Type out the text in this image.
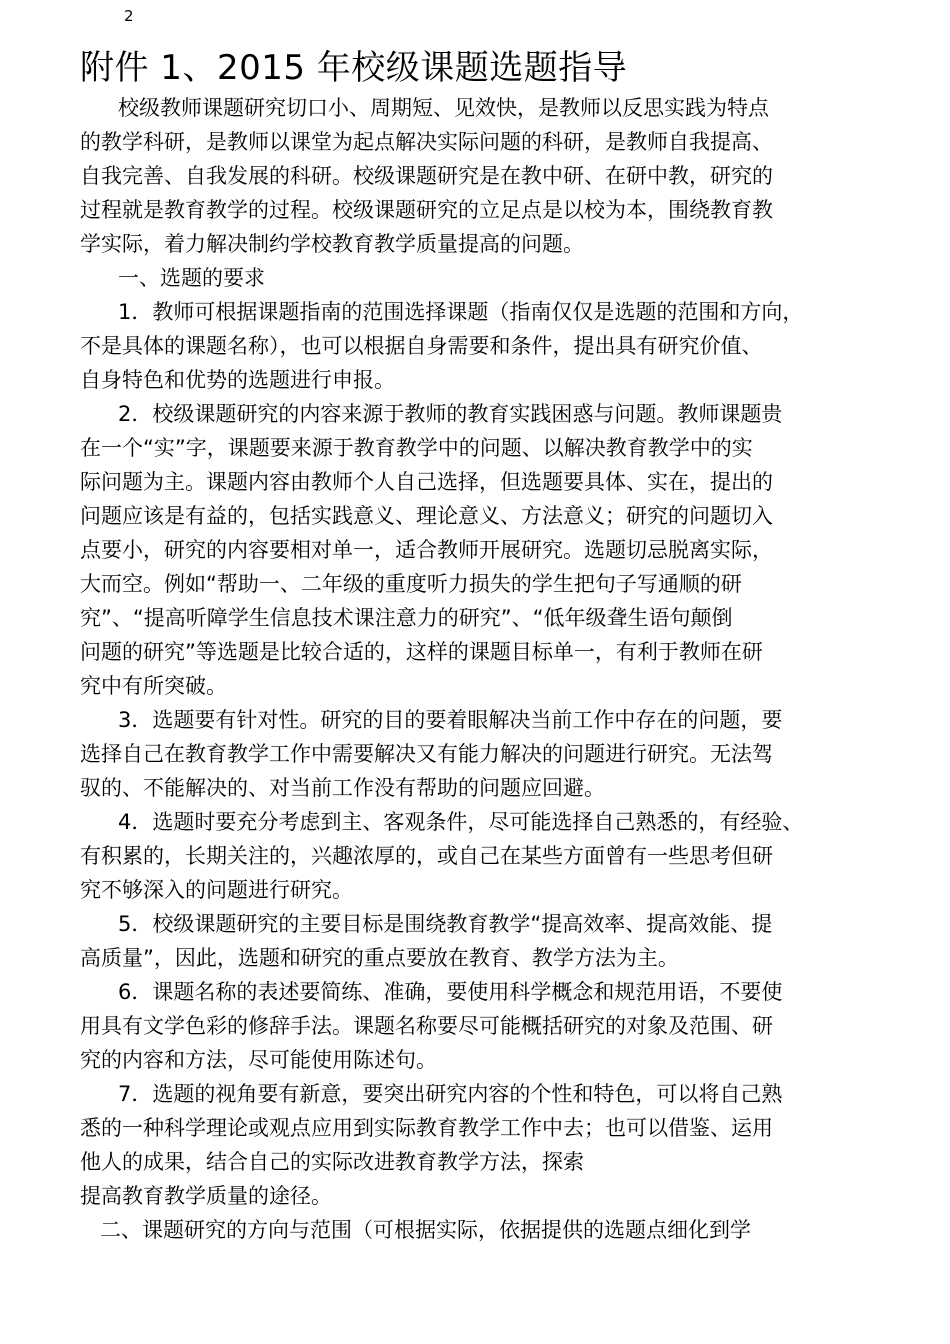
2
附件 1、2015 年校级课题选题指导
校级教师课题研究切口小、周期短、见效快，是教师以反思实践为特点
的教学科研，是教师以课堂为起点解决实际问题的科研，是教师自我提高、
自我完善、自我发展的科研。校级课题研究是在教中研、在研中教，研究的
过程就是教育教学的过程。校级课题研究的立足点是以校为本，围绕教育教
学实际，着力解决制约学校教育教学质量提高的问题。
一、选题的要求
1．教师可根据课题指南的范围选择课题（指南仅仅是选题的范围和方向，
不是具体的课题名称），也可以根据自身需要和条件，提出具有研究价值、
自身特色和优势的选题进行申报。
2．校级课题研究的内容来源于教师的教育实践困惑与问题。教师课题贵
在一个“实”字，课题要来源于教育教学中的问题、以解决教育教学中的实
际问题为主。课题内容由教师个人自己选择，但选题要具体、实在，提出的
问题应该是有益的，包括实践意义、理论意义、方法意义；研究的问题切入
点要小，研究的内容要相对单一，适合教师开展研究。选题切忌脱离实际，
大而空。例如“帮助一、二年级的重度听力损失的学生把句子写通顺的研
究”、“提高听障学生信息技术课注意力的研究”、“低年级聋生语句颠倒
问题的研究”等选题是比较合适的，这样的课题目标单一，有利于教师在研
究中有所突破。
3．选题要有针对性。研究的目的要着眼解决当前工作中存在的问题，要
选择自己在教育教学工作中需要解决又有能力解决的问题进行研究。无法驾
驭的、不能解决的、对当前工作没有帮助的问题应回避。
4．选题时要充分考虑到主、客观条件，尽可能选择自己熟悉的，有经验、
有积累的，长期关注的，兴趣浓厚的，或自己在某些方面曾有一些思考但研
究不够深入的问题进行研究。
5．校级课题研究的主要目标是围绕教育教学“提高效率、提高效能、提
高质量”，因此，选题和研究的重点要放在教育、教学方法为主。
6．课题名称的表述要简练、准确，要使用科学概念和规范用语，不要使
用具有文学色彩的修辞手法。课题名称要尽可能概括研究的对象及范围、研
究的内容和方法，尽可能使用陈述句。
7．选题的视角要有新意，要突出研究内容的个性和特色，可以将自己熟
悉的一种科学理论或观点应用到实际教育教学工作中去；也可以借鉴、运用
他人的成果，结合自己的实际改进教育教学方法，探索
提高教育教学质量的途径。
二、课题研究的方向与范围（可根据实际，依据提供的选题点细化到学
